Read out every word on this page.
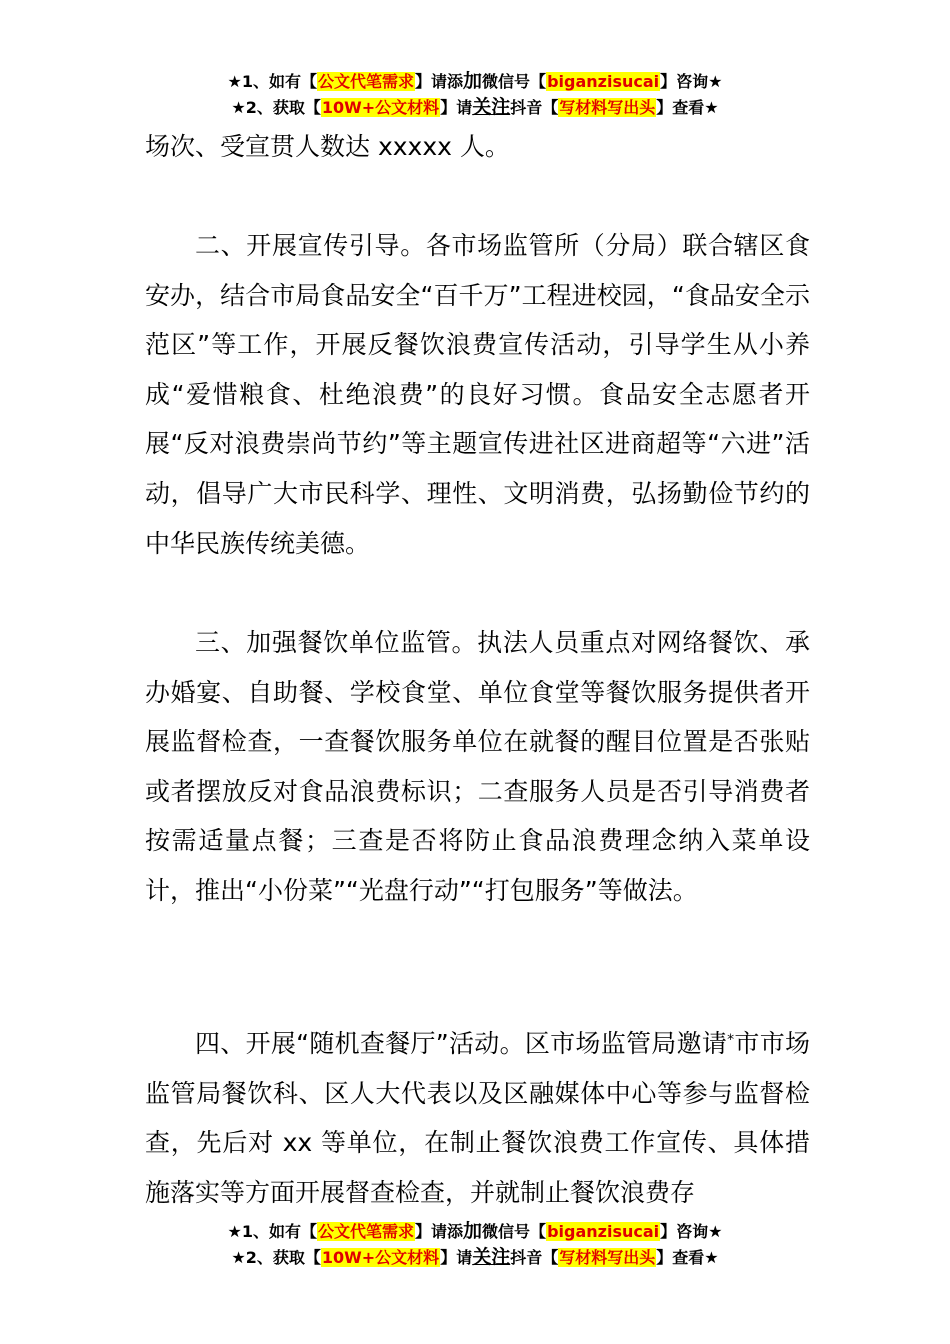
★1、如有【公文代笔需求】请添加微信号【biganzisucai】咨询★
★2、获取【10W+公文材料】请关注抖音【写材料写出头】查看★

场次、受宣贯人数达 xxxxx 人。

二、开展宣传引导。各市场监管所（分局）联合辖区食安办，结合市局食品安全“百千万”工程进校园，“食品安全示范区”等工作，开展反餐饮浪费宣传活动，引导学生从小养成“爱惜粮食、杜绝浪费”的良好习惯。食品安全志愿者开展“反对浪费崇尚节约”等主题宣传进社区进商超等“六进”活动，倡导广大市民科学、理性、文明消费，弘扬勤俭节约的中华民族传统美德。

三、加强餐饮单位监管。执法人员重点对网络餐饮、承办婚宴、自助餐、学校食堂、单位食堂等餐饮服务提供者开展监督检查，一查餐饮服务单位在就餐的醒目位置是否张贴或者摆放反对食品浪费标识；二查服务人员是否引导消费者按需适量点餐；三查是否将防止食品浪费理念纳入菜单设计，推出“小份菜”“光盘行动”“打包服务”等做法。

四、开展“随机查餐厅”活动。区市场监管局邀请*市市场监管局餐饮科、区人大代表以及区融媒体中心等参与监督检查，先后对 xx 等单位，在制止餐饮浪费工作宣传、具体措施落实等方面开展督查检查，并就制止餐饮浪费存

★1、如有【公文代笔需求】请添加微信号【biganzisucai】咨询★
★2、获取【10W+公文材料】请关注抖音【写材料写出头】查看★
